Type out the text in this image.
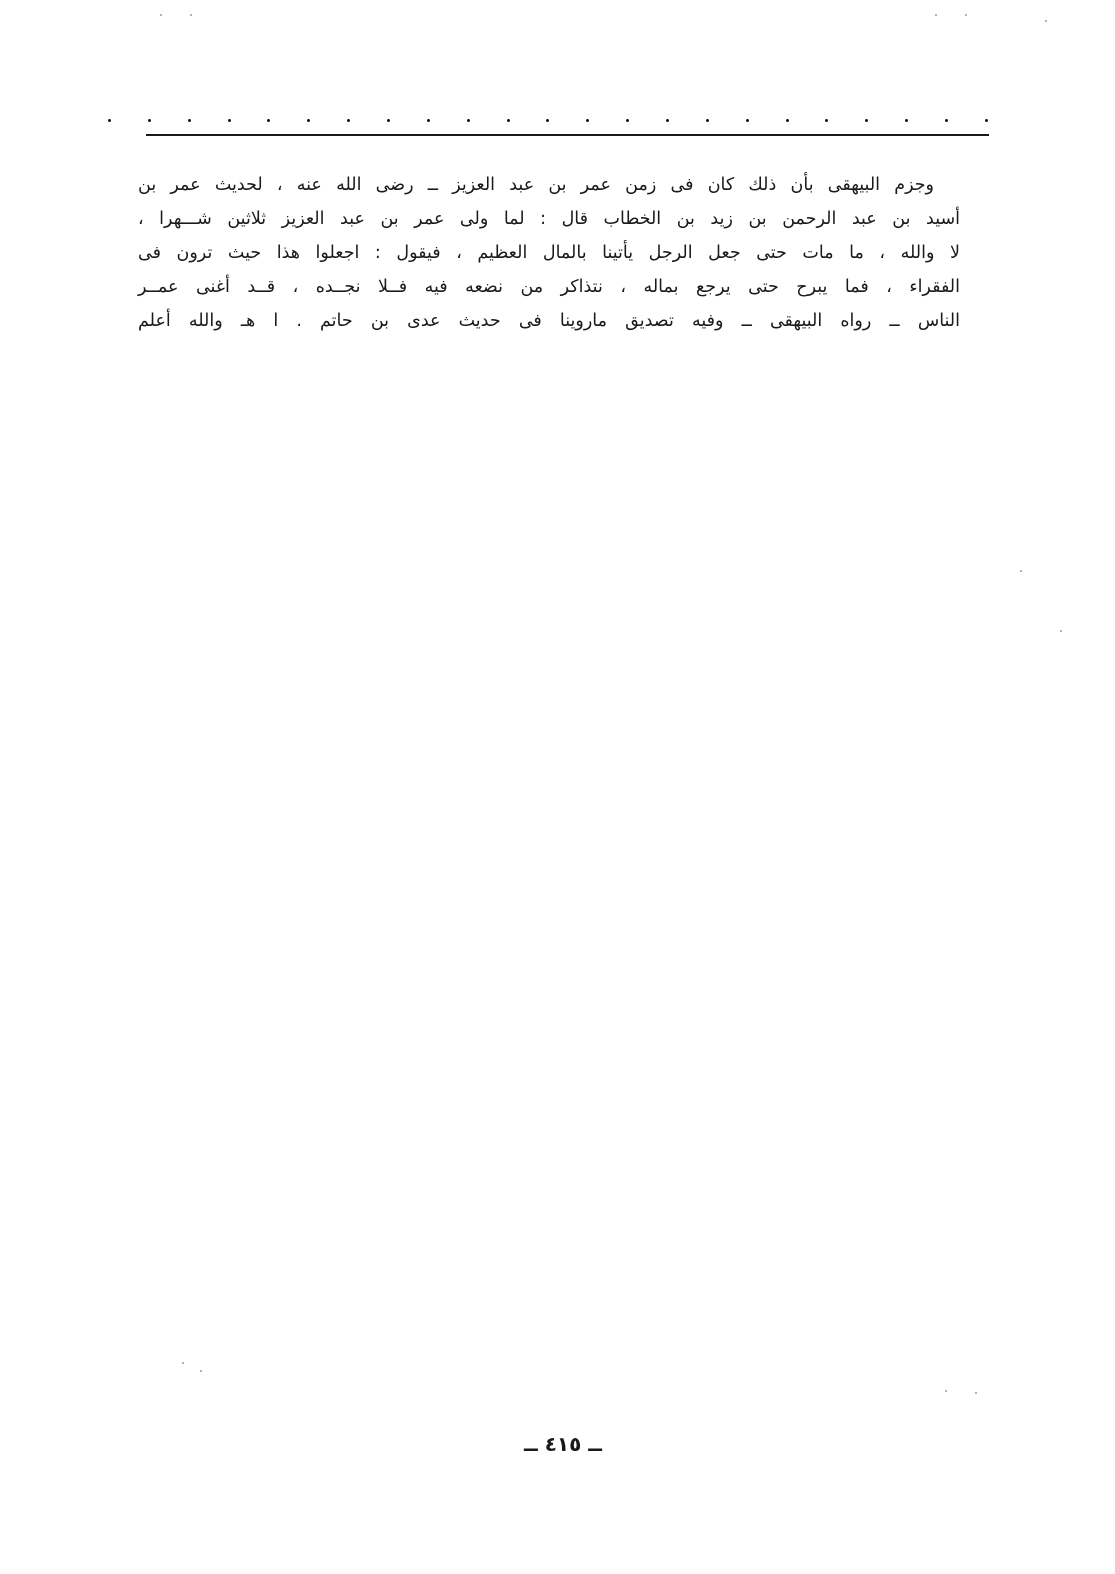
وجزم البيهقى بأن ذلك كان فى زمن عمر بن عبد العزيز ــ رضى الله عنه ، لحديث عمر بن
أسيد بن عبد الرحمن بن زيد بن الخطاب قال : لما ولى عمر بن عبد العزيز ثلاثين شـــهرا ،
لا والله ، ما مات حتى جعل الرجل يأتينا بالمال العظيم ، فيقول : اجعلوا هذا حيث ترون فى
الفقراء ، فما يبرح حتى يرجع بماله ، نتذاكر من نضعه فيه فــلا نجــده ، قــد أغنى عمــر
الناس ــ رواه البيهقى ــ وفيه تصديق ماروينا فى حديث عدى بن حاتم . ا هـ والله أعلم
ــ ٤١٥ ــ
